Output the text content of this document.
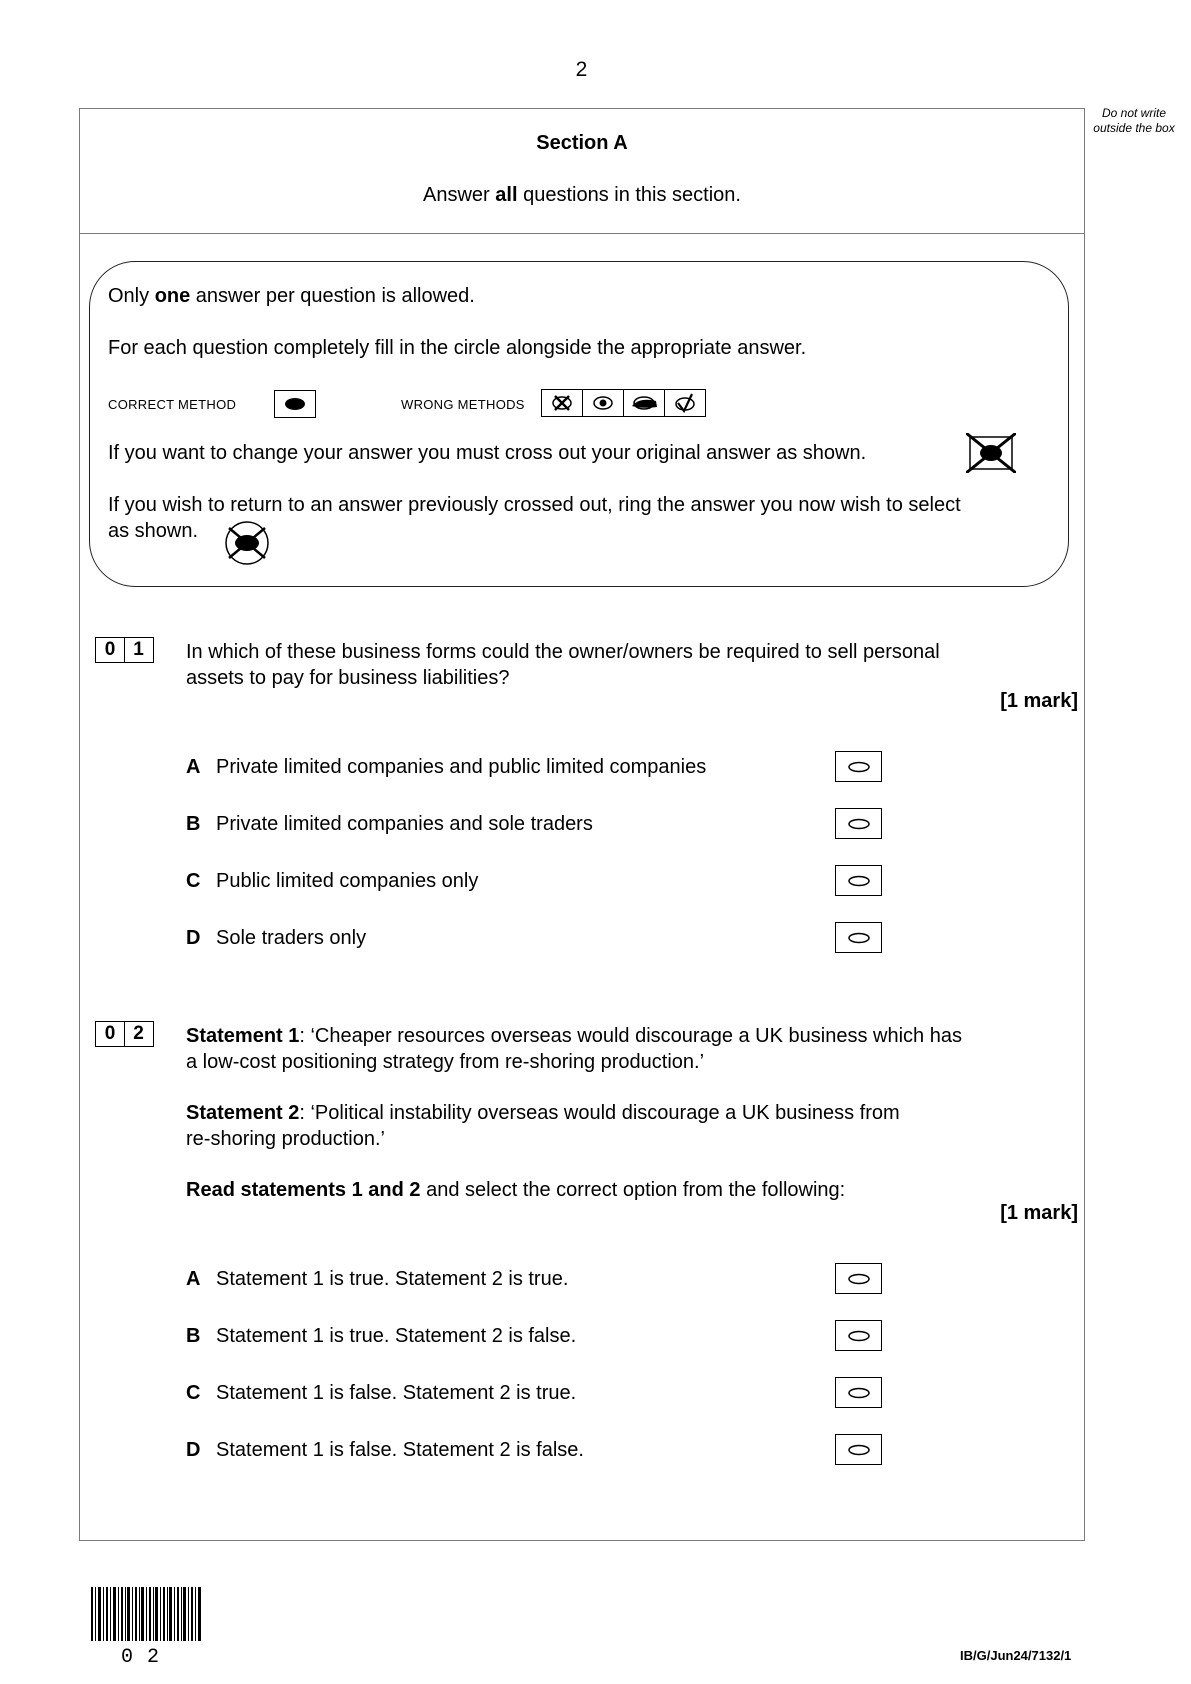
2
Do not write outside the box
Section A
Answer all questions in this section.
Only one answer per question is allowed.
For each question completely fill in the circle alongside the appropriate answer.
CORRECT METHOD	WRONG METHODS
If you want to change your answer you must cross out your original answer as shown.
If you wish to return to an answer previously crossed out, ring the answer you now wish to select
as shown.
0 1	In which of these business forms could the owner/owners be required to sell personal
assets to pay for business liabilities?
[1 mark]
A Private limited companies and public limited companies
B Private limited companies and sole traders
C Public limited companies only
D Sole traders only
0 2	Statement 1: ‘Cheaper resources overseas would discourage a UK business which has
a low-cost positioning strategy from re-shoring production.’
Statement 2: ‘Political instability overseas would discourage a UK business from
re-shoring production.’
Read statements 1 and 2 and select the correct option from the following:
[1 mark]
A Statement 1 is true. Statement 2 is true.
B Statement 1 is true. Statement 2 is false.
C Statement 1 is false. Statement 2 is true.
D Statement 1 is false. Statement 2 is false.
02	IB/G/Jun24/7132/1
